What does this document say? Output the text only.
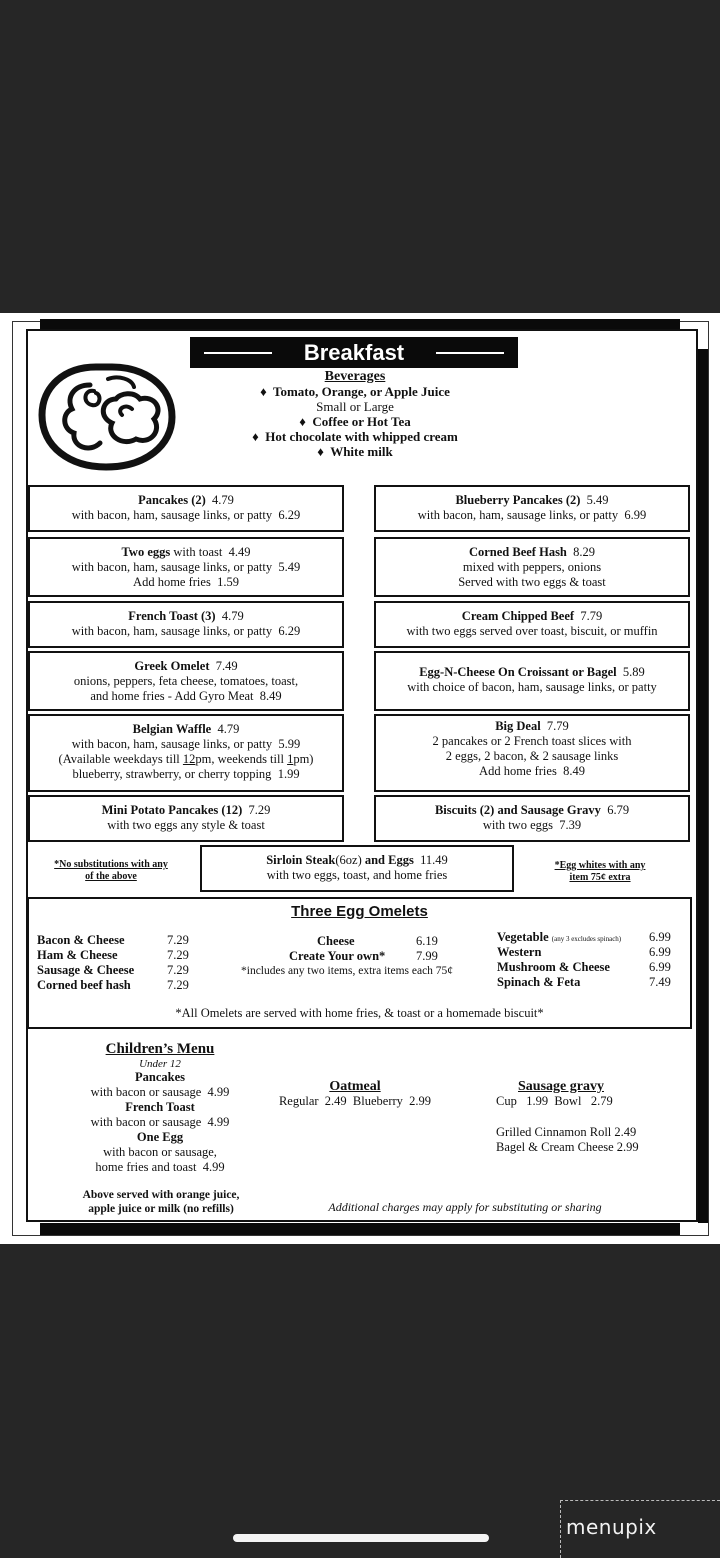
Breakfast
Beverages
♦ Tomato, Orange, or Apple Juice
Small or Large
♦ Coffee or Hot Tea
♦ Hot chocolate with whipped cream
♦ White milk
Pancakes (2) 4.79
with bacon, ham, sausage links, or patty 6.29
Two eggs with toast 4.49
with bacon, ham, sausage links, or patty 5.49
Add home fries 1.59
French Toast (3) 4.79
with bacon, ham, sausage links, or patty 6.29
Greek Omelet 7.49
onions, peppers, feta cheese, tomatoes, toast,
and home fries - Add Gyro Meat 8.49
Belgian Waffle 4.79
with bacon, ham, sausage links, or patty 5.99
(Available weekdays till 12pm, weekends till 1pm)
blueberry, strawberry, or cherry topping 1.99
Mini Potato Pancakes (12) 7.29
with two eggs any style & toast
Blueberry Pancakes (2) 5.49
with bacon, ham, sausage links, or patty 6.99
Corned Beef Hash 8.29
mixed with peppers, onions
Served with two eggs & toast
Cream Chipped Beef 7.79
with two eggs served over toast, biscuit, or muffin
Egg-N-Cheese On Croissant or Bagel 5.89
with choice of bacon, ham, sausage links, or patty
Big Deal 7.79
2 pancakes or 2 French toast slices with
2 eggs, 2 bacon, & 2 sausage links
Add home fries 8.49
Biscuits (2) and Sausage Gravy 6.79
with two eggs 7.39
*No substitutions with any
of the above
Sirloin Steak(6oz) and Eggs 11.49
with two eggs, toast, and home fries
*Egg whites with any
item 75¢ extra
Three Egg Omelets
Bacon & Cheese	7.29
Ham & Cheese	7.29
Sausage & Cheese	7.29
Corned beef hash	7.29
Cheese	6.19
Create Your own* 7.99
*includes any two items, extra items each 75¢
Vegetable (any 3 excludes spinach) 6.99
Western	6.99
Mushroom & Cheese	6.99
Spinach & Feta	7.49
*All Omelets are served with home fries, & toast or a homemade biscuit*
Children’s Menu
Under 12
Pancakes
with bacon or sausage 4.99
French Toast
with bacon or sausage 4.99
One Egg
with bacon or sausage,
home fries and toast 4.99
Above served with orange juice,
apple juice or milk (no refills)
Oatmeal
Regular 2.49 Blueberry 2.99
Sausage gravy
Cup 1.99 Bowl 2.79
Grilled Cinnamon Roll 2.49
Bagel & Cream Cheese 2.99
Additional charges may apply for substituting or sharing
menupix
